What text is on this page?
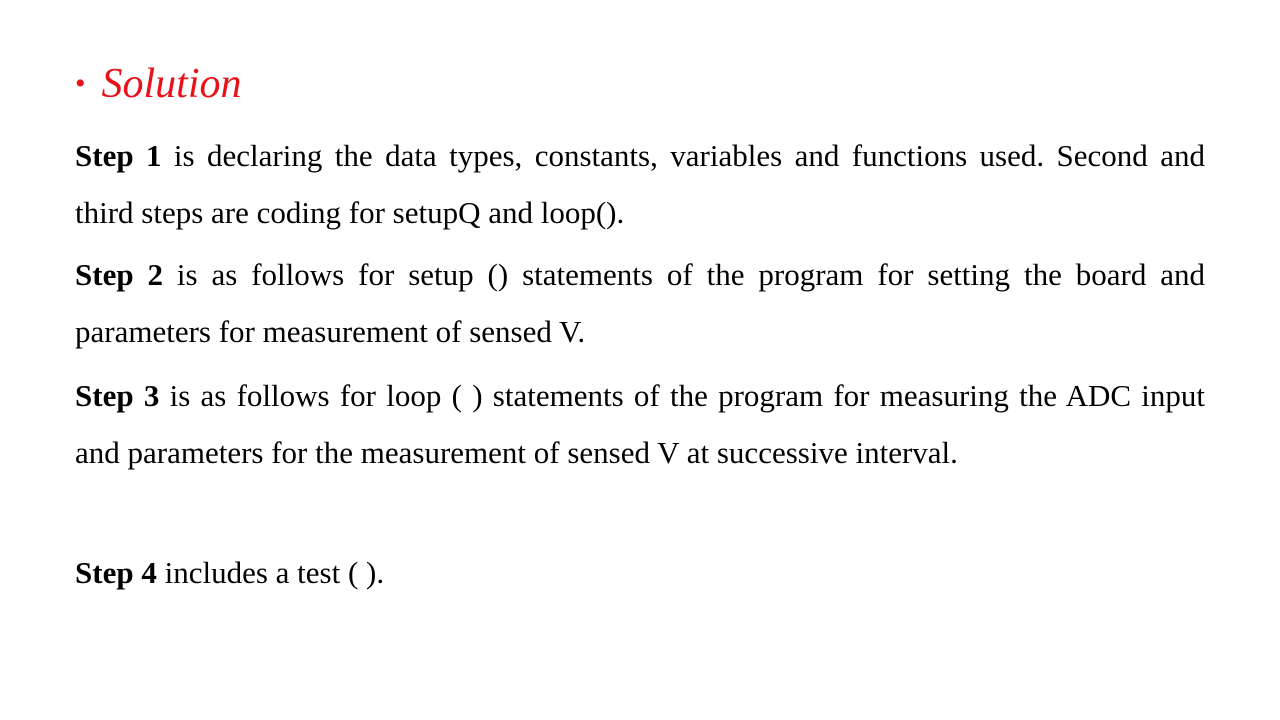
• Solution

Step 1 is declaring the data types, constants, variables and functions used. Second and third steps are coding for setupQ and loop().

Step 2 is as follows for setup () statements of the program for setting the board and parameters for measurement of sensed V.

Step 3 is as follows for loop ( ) statements of the program for measuring the ADC input and parameters for the measurement of sensed V at successive interval.

Step 4 includes a test ( ).
